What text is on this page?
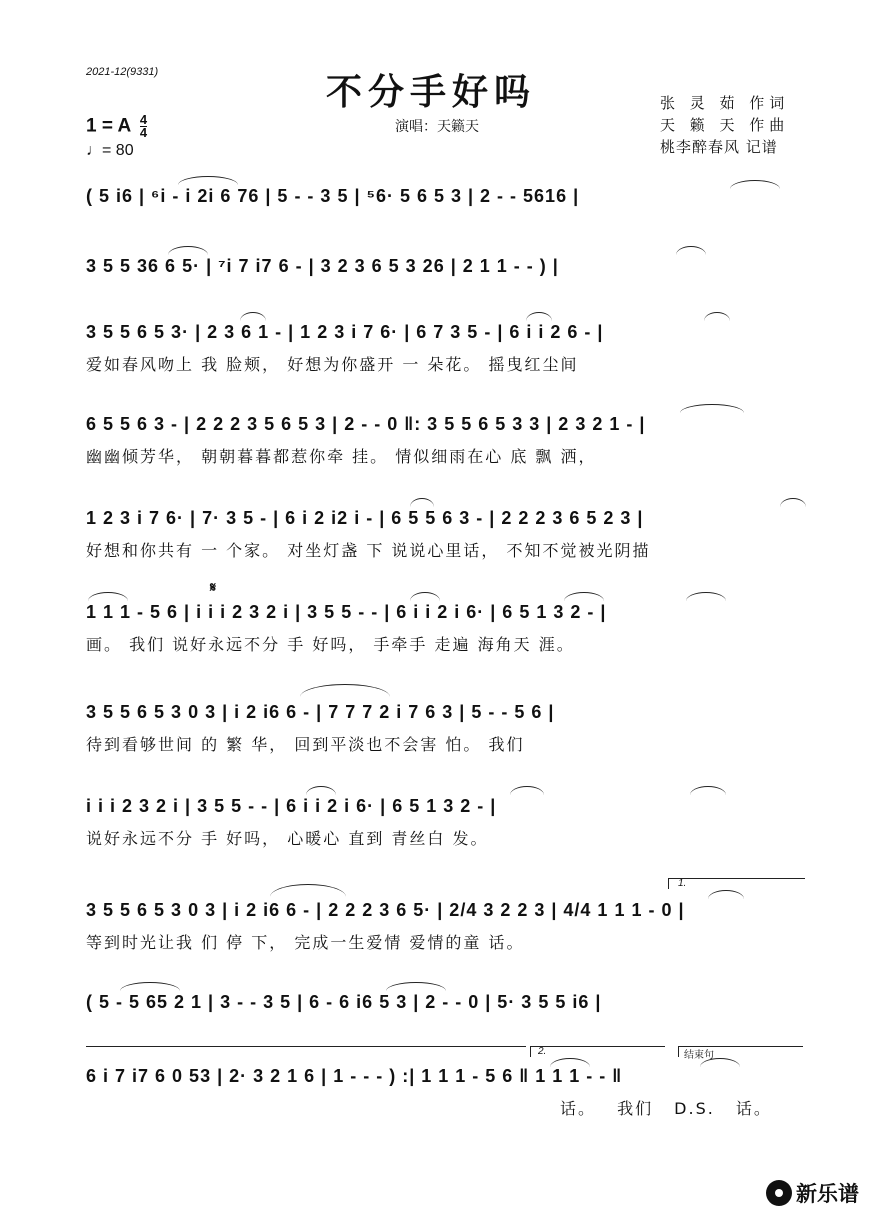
2021-12(9331)	不分手好吗
演唱：天籁天
张 灵 茹 作词
天 籁 天 作曲
桃李醉春风 记谱
1 = A $\frac{4}{4}$
♩= 80
( 5 i6 | ⁶i - i 2i 6 76 | 5 - - 3 5 | ⁵6· 5 6 5 3 | 2 - - 5616 |
3 5 5 36 6 5· | ⁷i 7 i7 6 - | 3 2 3 6 5 3 26 | 2 1 1 - - ) |
3 5 5 6 5 3· | 2 3 6 1 - | 1 2 3 i 7 6· | 6 7 3 5 - | 6 i i 2 6 - |
爱如春风吻上 我 脸颊， 好想为你盛开 一 朵花。 摇曳红尘间
6 5 5 6 3 - | 2 2 2 3 5 6 5 3 | 2 - - 0 ‖: 3 5 5 6 5 3 3 | 2 3 2 1 - |
幽幽倾芳华， 朝朝暮暮都惹你牵 挂。 情似细雨在心 底 飘 洒，
1 2 3 i 7 6· | 7· 3 5 - | 6 i 2 i2 i - | 6 5 5 6 3 - | 2 2 2 3 6 5 2 3 |
好想和你共有 一 个家。 对坐灯盏 下 说说心里话， 不知不觉被光阴描
𝄋
1 1 1 - 5 6 | i i i 2 3 2 i | 3 5 5 - - | 6 i i 2 i 6· | 6 5 1 3 2 - |
画。 我们 说好永远不分 手 好吗， 手牵手 走遍 海角天 涯。
3 5 5 6 5 3 0 3 | i 2 i6 6 - | 7 7 7 2 i 7 6 3 | 5 - - 5 6 |
待到看够世间 的 繁 华， 回到平淡也不会害 怕。 我们
i i i 2 3 2 i | 3 5 5 - - | 6 i i 2 i 6· | 6 5 1 3 2 - |
说好永远不分 手 好吗， 心暖心 直到 青丝白 发。
1.
3 5 5 6 5 3 0 3 | i 2 i6 6 - | 2 2 2 3 6 5· | 2/4 3 2 2 3 | 4/4 1 1 1 - 0 |
等到时光让我 们 停 下， 完成一生爱情 爱情的童 话。
( 5 - 5 65 2 1 | 3 - - 3 5 | 6 - 6 i6 5 3 | 2 - - 0 | 5· 3 5 5 i6 |
2.	结束句
6 i 7 i7 6 0 53 | 2· 3 2 1 6 | 1 - - - ) :| 1 1 1 - 5 6 ‖ 1 1 1 - - ‖
话。 我们 D.S. 话。
新乐谱
